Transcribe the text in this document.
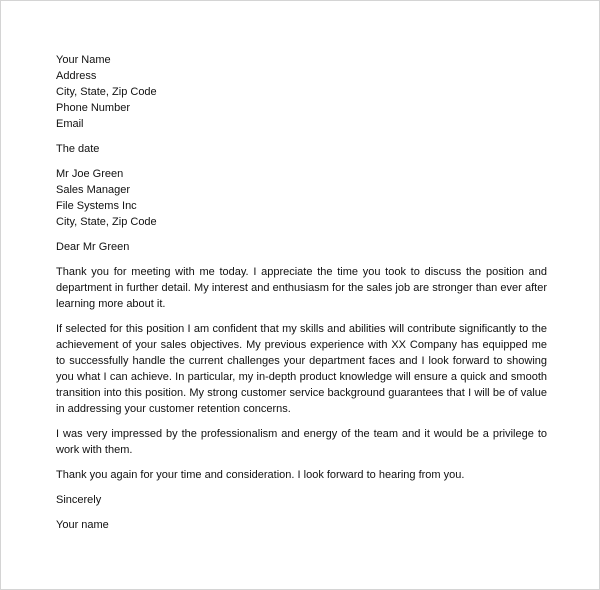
Your Name
Address
City, State, Zip Code
Phone Number
Email
The date
Mr Joe Green
Sales Manager
File Systems Inc
City, State, Zip Code
Dear Mr Green

Thank you for meeting with me today. I appreciate the time you took to discuss the position and department in further detail. My interest and enthusiasm for the sales job are stronger than ever after learning more about it.

If selected for this position I am confident that my skills and abilities will contribute significantly to the achievement of your sales objectives. My previous experience with XX Company has equipped me to successfully handle the current challenges your department faces and I look forward to showing you what I can achieve. In particular, my in-depth product knowledge will ensure a quick and smooth transition into this position. My strong customer service background guarantees that I will be of value in addressing your customer retention concerns.

I was very impressed by the professionalism and energy of the team and it would be a privilege to work with them.

Thank you again for your time and consideration. I look forward to hearing from you.

Sincerely
Your name
